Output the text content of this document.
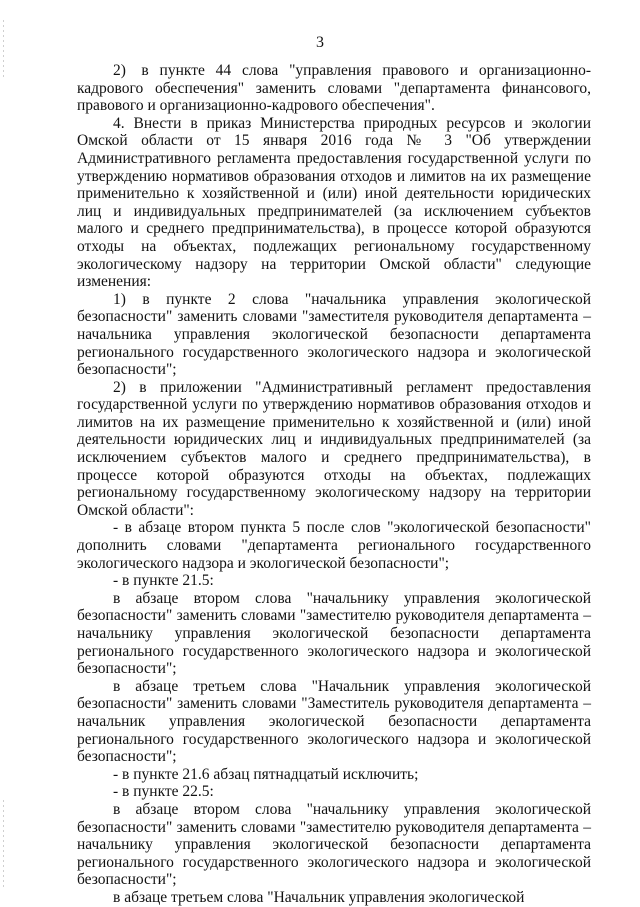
3

2) в пункте 44 слова "управления правового и организационно-кадрового обеспечения" заменить словами "департамента финансового, правового и организационно-кадрового обеспечения".

4. Внести в приказ Министерства природных ресурсов и экологии Омской области от 15 января 2016 года № 3 "Об утверждении Административного регламента предоставления государственной услуги по утверждению нормативов образования отходов и лимитов на их размещение применительно к хозяйственной и (или) иной деятельности юридических лиц и индивидуальных предпринимателей (за исключением субъектов малого и среднего предпринимательства), в процессе которой образуются отходы на объектах, подлежащих региональному государственному экологическому надзору на территории Омской области" следующие изменения:

1) в пункте 2 слова "начальника управления экологической безопасности" заменить словами "заместителя руководителя департамента – начальника управления экологической безопасности департамента регионального государственного экологического надзора и экологической безопасности";

2) в приложении "Административный регламент предоставления государственной услуги по утверждению нормативов образования отходов и лимитов на их размещение применительно к хозяйственной и (или) иной деятельности юридических лиц и индивидуальных предпринимателей (за исключением субъектов малого и среднего предпринимательства), в процессе которой образуются отходы на объектах, подлежащих региональному государственному экологическому надзору на территории Омской области":

- в абзаце втором пункта 5 после слов "экологической безопасности" дополнить словами "департамента регионального государственного экологического надзора и экологической безопасности";

- в пункте 21.5:

в абзаце втором слова "начальнику управления экологической безопасности" заменить словами "заместителю руководителя департамента – начальнику управления экологической безопасности департамента регионального государственного экологического надзора и экологической безопасности";

в абзаце третьем слова "Начальник управления экологической безопасности" заменить словами "Заместитель руководителя департамента – начальник управления экологической безопасности департамента регионального государственного экологического надзора и экологической безопасности";

- в пункте 21.6 абзац пятнадцатый исключить;

- в пункте 22.5:

в абзаце втором слова "начальнику управления экологической безопасности" заменить словами "заместителю руководителя департамента – начальнику управления экологической безопасности департамента регионального государственного экологического надзора и экологической безопасности";

в абзаце третьем слова "Начальник управления экологической
